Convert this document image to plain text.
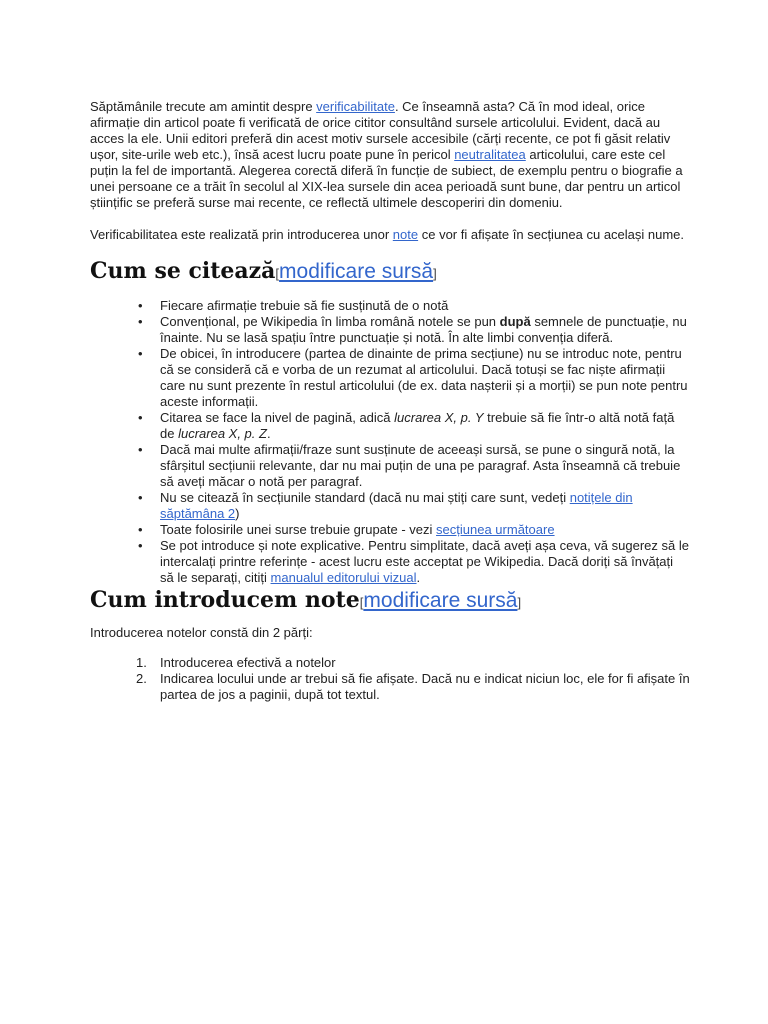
Săptămânile trecute am amintit despre verificabilitate. Ce înseamnă asta? Că în mod ideal, orice afirmație din articol poate fi verificată de orice cititor consultând sursele articolului. Evident, dacă au acces la ele. Unii editori preferă din acest motiv sursele accesibile (cărți recente, ce pot fi găsit relativ ușor, site-urile web etc.), însă acest lucru poate pune în pericol neutralitatea articolului, care este cel puțin la fel de importantă. Alegerea corectă diferă în funcție de subiect, de exemplu pentru o biografie a unei persoane ce a trăit în secolul al XIX-lea sursele din acea perioadă sunt bune, dar pentru un articol științific se preferă surse mai recente, ce reflectă ultimele descoperiri din domeniu.

Verificabilitatea este realizată prin introducerea unor note ce vor fi afișate în secțiunea cu același nume.

Cum se citează[modificare sursă]
• Fiecare afirmație trebuie să fie susținută de o notă
• Convențional, pe Wikipedia în limba română notele se pun după semnele de punctuație, nu înainte. Nu se lasă spațiu între punctuație și notă. În alte limbi convenția diferă.
• De obicei, în introducere (partea de dinainte de prima secțiune) nu se introduc note, pentru că se consideră că e vorba de un rezumat al articolului. Dacă totuși se fac niște afirmații care nu sunt prezente în restul articolului (de ex. data nașterii și a morții) se pun note pentru aceste informații.
• Citarea se face la nivel de pagină, adică lucrarea X, p. Y trebuie să fie într-o altă notă față de lucrarea X, p. Z.
• Dacă mai multe afirmații/fraze sunt susținute de aceeași sursă, se pune o singură notă, la sfârșitul secțiunii relevante, dar nu mai puțin de una pe paragraf. Asta înseamnă că trebuie să aveți măcar o notă per paragraf.
• Nu se citează în secțiunile standard (dacă nu mai știți care sunt, vedeți notițele din săptămâna 2)
• Toate folosirile unei surse trebuie grupate - vezi secțiunea următoare
• Se pot introduce și note explicative. Pentru simplitate, dacă aveți așa ceva, vă sugerez să le intercalați printre referințe - acest lucru este acceptat pe Wikipedia. Dacă doriți să învățați să le separați, citiți manualul editorului vizual.
Cum introducem note[modificare sursă]

Introducerea notelor constă din 2 părți:

Introducerea efectivă a notelor
Indicarea locului unde ar trebui să fie afișate. Dacă nu e indicat niciun loc, ele for fi afișate în partea de jos a paginii, după tot textul.
